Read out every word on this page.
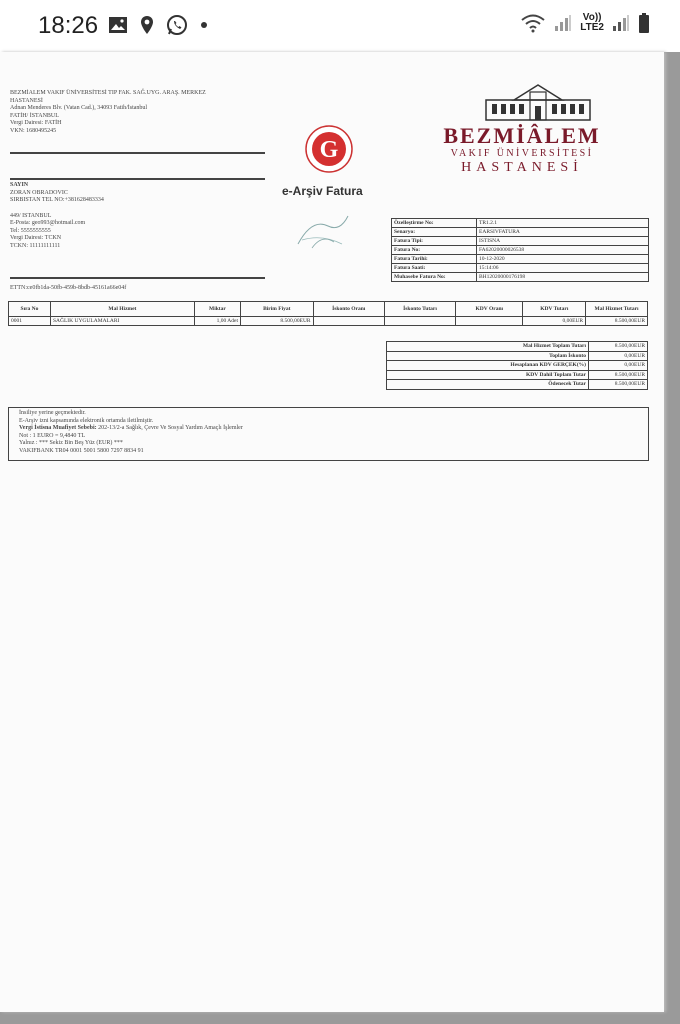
18:26	Vo))
LTE2
BEZMİALEM VAKIF ÜNİVERSİTESİ TIP FAK. SAĞ.UYG. ARAŞ. MERKEZ
HASTANESİ
Adnan Menderes Blv. (Vatan Cad.), 34093 Fatih/İstanbul
FATİH/ İSTANBUL
Vergi Dairesi: FATİH
VKN: 1680495245
G
BEZMİÂLEM
VAKIF ÜNİVERSİTESİ
HASTANESİ
SAYIN
ZORAN OBRADOVIC
SIRBISTAN TEL NO:+381628483334
449/ ISTANBUL
E-Posta: geo993@hotmail.com
Tel: 5555555555
Vergi Dairesi: TCKN
TCKN: 11111111111
e-Arşiv Fatura
Özelleştirme No:	TR1.2.1
Senaryo:	EARSIVFATURA
Fatura Tipi:	ISTISNA
Fatura No:	FA62020000026538
Fatura Tarihi:	10-12-2020
Fatura Saati:	15:14:06
Muhasebe Fatura No:	BH12020000176198
ETTN:ce0fb1da-50fb-459b-8bdb-45161a66e04f
Sıra No	Mal Hizmet	Miktar	Birim Fiyat	İskonto Oranı	İskonto Tutarı	KDV Oranı	KDV Tutarı	Mal Hizmet Tutarı
0001	SAĞLIK UYGULAMALARI	1,00 Adet	8.500,00EUR				0,00EUR	8.500,00EUR
Mal Hizmet Toplam Tutarı	8.500,00EUR
Toplam İskonto	0,00EUR
Hesaplanan KDV GERÇEK(%)	0,00EUR
KDV Dahil Toplam Tutar	8.500,00EUR
Ödenecek Tutar	8.500,00EUR
İnsiliye yerine geçmektedir.
E-Arşiv izni kapsamında elektronik ortamda iletilmiştir.
Vergi İstisna Muafiyet Sebebi: 202-13/2-a Sağlık, Çevre Ve Sosyal Yardım Amaçlı İşlemler
Not : 1 EURO = 9,4840 TL
Yalnız : *** Sekiz Bin Beş Yüz (EUR) ***
VAKIFBANK TR04 0001 5001 5800 7297 8834 91
